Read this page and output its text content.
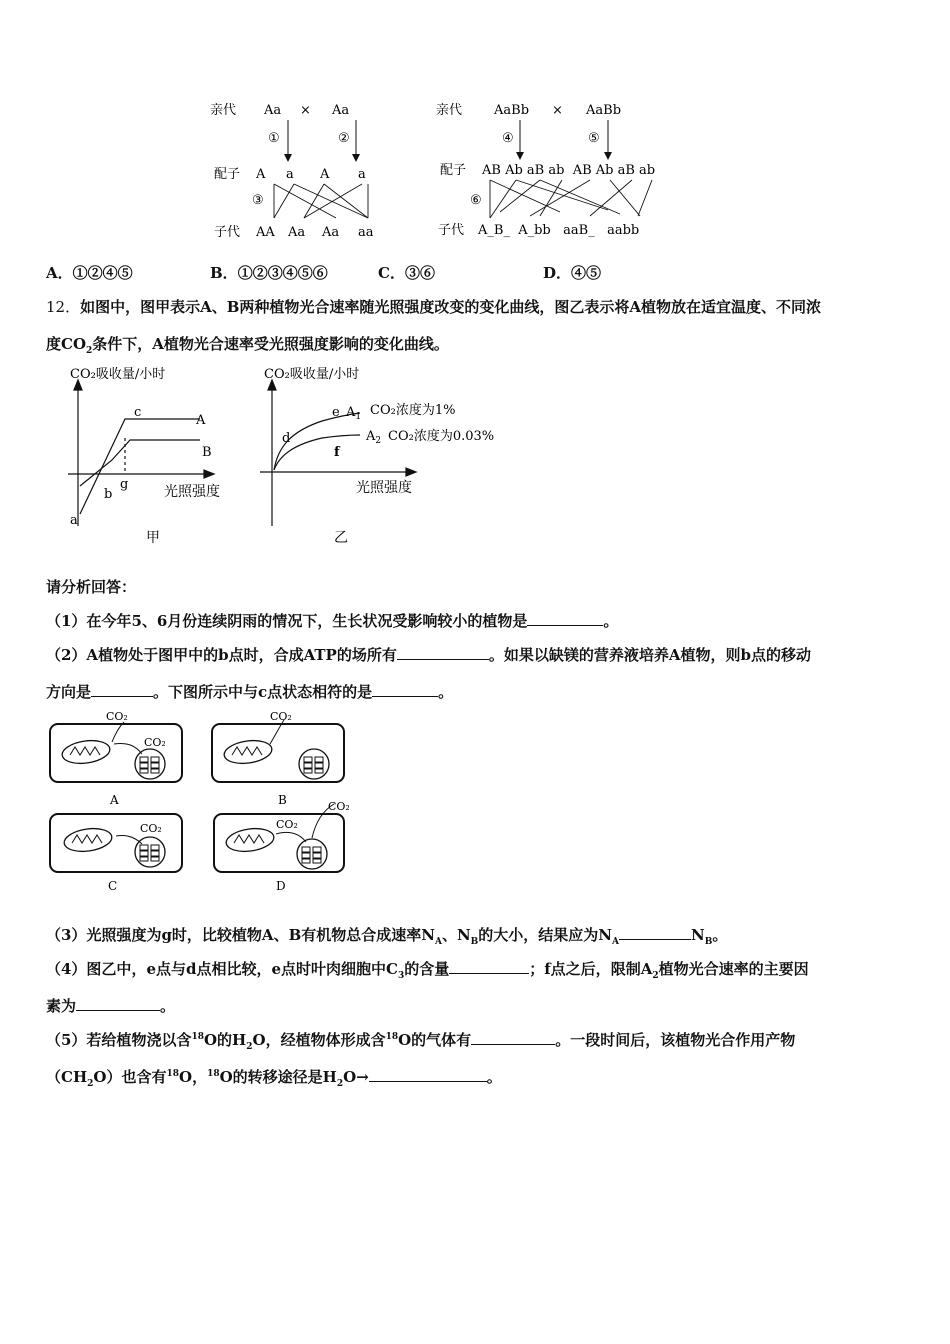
亲代 Aa × Aa
①	②
配子 A a A a
③
子代 AA Aa Aa aa
亲代 AaBb × AaBb
④	⑤
配子 AB Ab aB ab  AB Ab aB ab
⑥
子代 A_B_  A_bb   aaB_   aabb
A．①②④⑤	B．①②③④⑤⑥	C．③⑥	D．④⑤
12．如图中，图甲表示A、B两种植物光合速率随光照强度改变的变化曲线，图乙表示将A植物放在适宜温度、不同浓
度$CO_2$条件下，A植物光合速率受光照强度影响的变化曲线。
CO₂吸收量/小时
c
A
B
g
b
a
光照强度
甲
CO₂吸收量/小时
e $A_1$ CO₂浓度为1%
d	$A_2$ CO₂浓度为0.03%
f
光照强度
乙
请分析回答：
（1）在今年5、6月份连续阴雨的情况下，生长状况受影响较小的植物是	。
（2）A植物处于图甲中的b点时，合成ATP的场所有	。如果以缺镁的营养液培养A植物，则b点的移动
方向是	。下图所示中与c点状态相符的是	。
CO₂
CO₂
A
CO₂
B
CO₂
C
CO₂
CO₂
D
（3）光照强度为g时，比较植物A、B有机物总合成速率$N_A$、$N_B$的大小，结果应为$N_A$	$N_B$。
（4）图乙中，e点与d点相比较，e点时叶肉细胞中$C_3$的含量	；f点之后，限制$A_2$植物光合速率的主要因
素为	。
（5）若给植物浇以含$^{18}$O的$H_2O$，经植物体形成含$^{18}$O的气体有	。一段时间后，该植物光合作用产物
$(CH_2O)$也含有$^{18}$O，$^{18}$O的转移途径是$H_2O\to$	。
